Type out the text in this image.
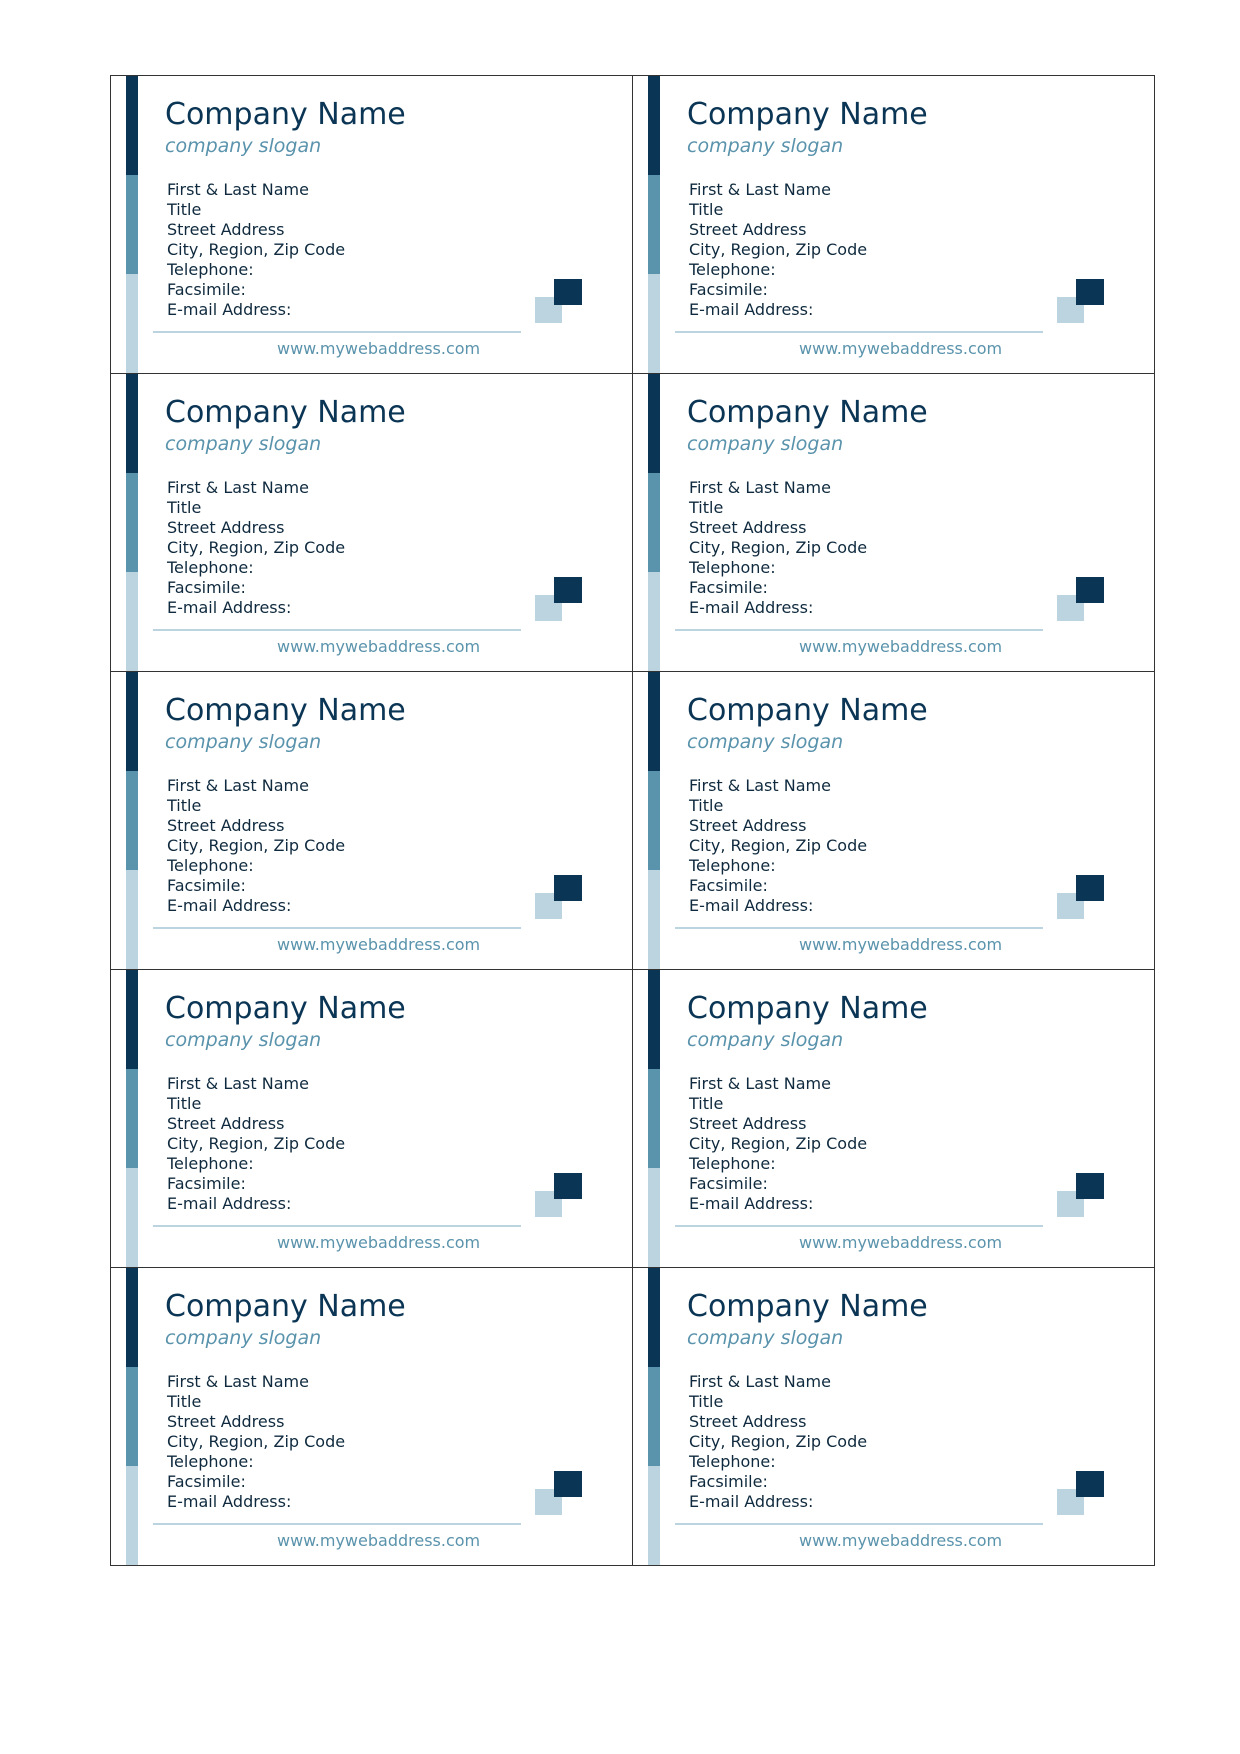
Company Name
company slogan
First & Last Name
Title
Street Address
City, Region, Zip Code
Telephone:
Facsimile:
E-mail Address:
www.mywebaddress.com
Company Name
company slogan
First & Last Name
Title
Street Address
City, Region, Zip Code
Telephone:
Facsimile:
E-mail Address:
www.mywebaddress.com
Company Name
company slogan
First & Last Name
Title
Street Address
City, Region, Zip Code
Telephone:
Facsimile:
E-mail Address:
www.mywebaddress.com
Company Name
company slogan
First & Last Name
Title
Street Address
City, Region, Zip Code
Telephone:
Facsimile:
E-mail Address:
www.mywebaddress.com
Company Name
company slogan
First & Last Name
Title
Street Address
City, Region, Zip Code
Telephone:
Facsimile:
E-mail Address:
www.mywebaddress.com
Company Name
company slogan
First & Last Name
Title
Street Address
City, Region, Zip Code
Telephone:
Facsimile:
E-mail Address:
www.mywebaddress.com
Company Name
company slogan
First & Last Name
Title
Street Address
City, Region, Zip Code
Telephone:
Facsimile:
E-mail Address:
www.mywebaddress.com
Company Name
company slogan
First & Last Name
Title
Street Address
City, Region, Zip Code
Telephone:
Facsimile:
E-mail Address:
www.mywebaddress.com
Company Name
company slogan
First & Last Name
Title
Street Address
City, Region, Zip Code
Telephone:
Facsimile:
E-mail Address:
www.mywebaddress.com
Company Name
company slogan
First & Last Name
Title
Street Address
City, Region, Zip Code
Telephone:
Facsimile:
E-mail Address:
www.mywebaddress.com
